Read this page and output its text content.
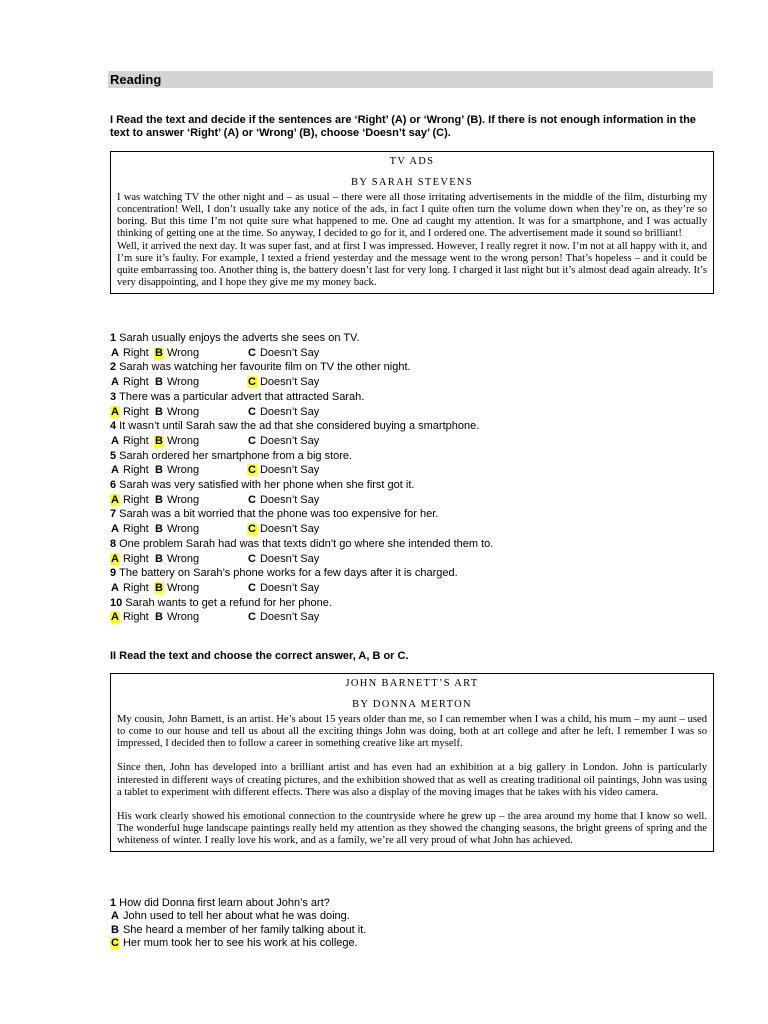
Reading
I Read the text and decide if the sentences are ‘Right’ (A) or ‘Wrong’ (B). If there is not enough information in the text to answer ‘Right’ (A) or ‘Wrong’ (B), choose ‘Doesn’t say’ (C).
TV ADS
BY SARAH STEVENS

I was watching TV the other night and – as usual – there were all those irritating advertisements in the middle of the film, disturbing my concentration! Well, I don’t usually take any notice of the ads, in fact I quite often turn the volume down when they’re on, as they’re so boring. But this time I’m not quite sure what happened to me. One ad caught my attention. It was for a smartphone, and I was actually thinking of getting one at the time. So anyway, I decided to go for it, and I ordered one. The advertisement made it sound so brilliant!

Well, it arrived the next day. It was super fast, and at first I was impressed. However, I really regret it now. I’m not at all happy with it, and I’m sure it’s faulty. For example, I texted a friend yesterday and the message went to the wrong person! That’s hopeless – and it could be quite embarrassing too. Another thing is, the battery doesn’t last for very long. I charged it last night but it’s almost dead again already. It’s very disappointing, and I hope they give me my money back.

1 Sarah usually enjoys the adverts she sees on TV.
A Right B Wrong	C Doesn’t Say
2 Sarah was watching her favourite film on TV the other night.
A Right B Wrong	C Doesn’t Say
3 There was a particular advert that attracted Sarah.
A Right B Wrong	C Doesn’t Say
4 It wasn’t until Sarah saw the ad that she considered buying a smartphone.
A Right B Wrong	C Doesn’t Say
5 Sarah ordered her smartphone from a big store.
A Right B Wrong	C Doesn’t Say
6 Sarah was very satisfied with her phone when she first got it.
A Right B Wrong	C Doesn’t Say
7 Sarah was a bit worried that the phone was too expensive for her.
A Right B Wrong	C Doesn’t Say
8 One problem Sarah had was that texts didn’t go where she intended them to.
A Right B Wrong	C Doesn’t Say
9 The battery on Sarah’s phone works for a few days after it is charged.
A Right B Wrong	C Doesn’t Say
10 Sarah wants to get a refund for her phone.
A Right B Wrong	C Doesn’t Say
II Read the text and choose the correct answer, A, B or C.
JOHN BARNETT’S ART
BY DONNA MERTON

My cousin, John Barnett, is an artist. He’s about 15 years older than me, so I can remember when I was a child, his mum – my aunt – used to come to our house and tell us about all the exciting things John was doing, both at art college and after he left. I remember I was so impressed, I decided then to follow a career in something creative like art myself.

Since then, John has developed into a brilliant artist and has even had an exhibition at a big gallery in London. John is particularly interested in different ways of creating pictures, and the exhibition showed that as well as creating traditional oil paintings, John was using a tablet to experiment with different effects. There was also a display of the moving images that he takes with his video camera.

His work clearly showed his emotional connection to the countryside where he grew up – the area around my home that I know so well. The wonderful huge landscape paintings really held my attention as they showed the changing seasons, the bright greens of spring and the whiteness of winter. I really love his work, and as a family, we’re all very proud of what John has achieved.

1 How did Donna first learn about John’s art?
A John used to tell her about what he was doing.
B She heard a member of her family talking about it.
C Her mum took her to see his work at his college.
